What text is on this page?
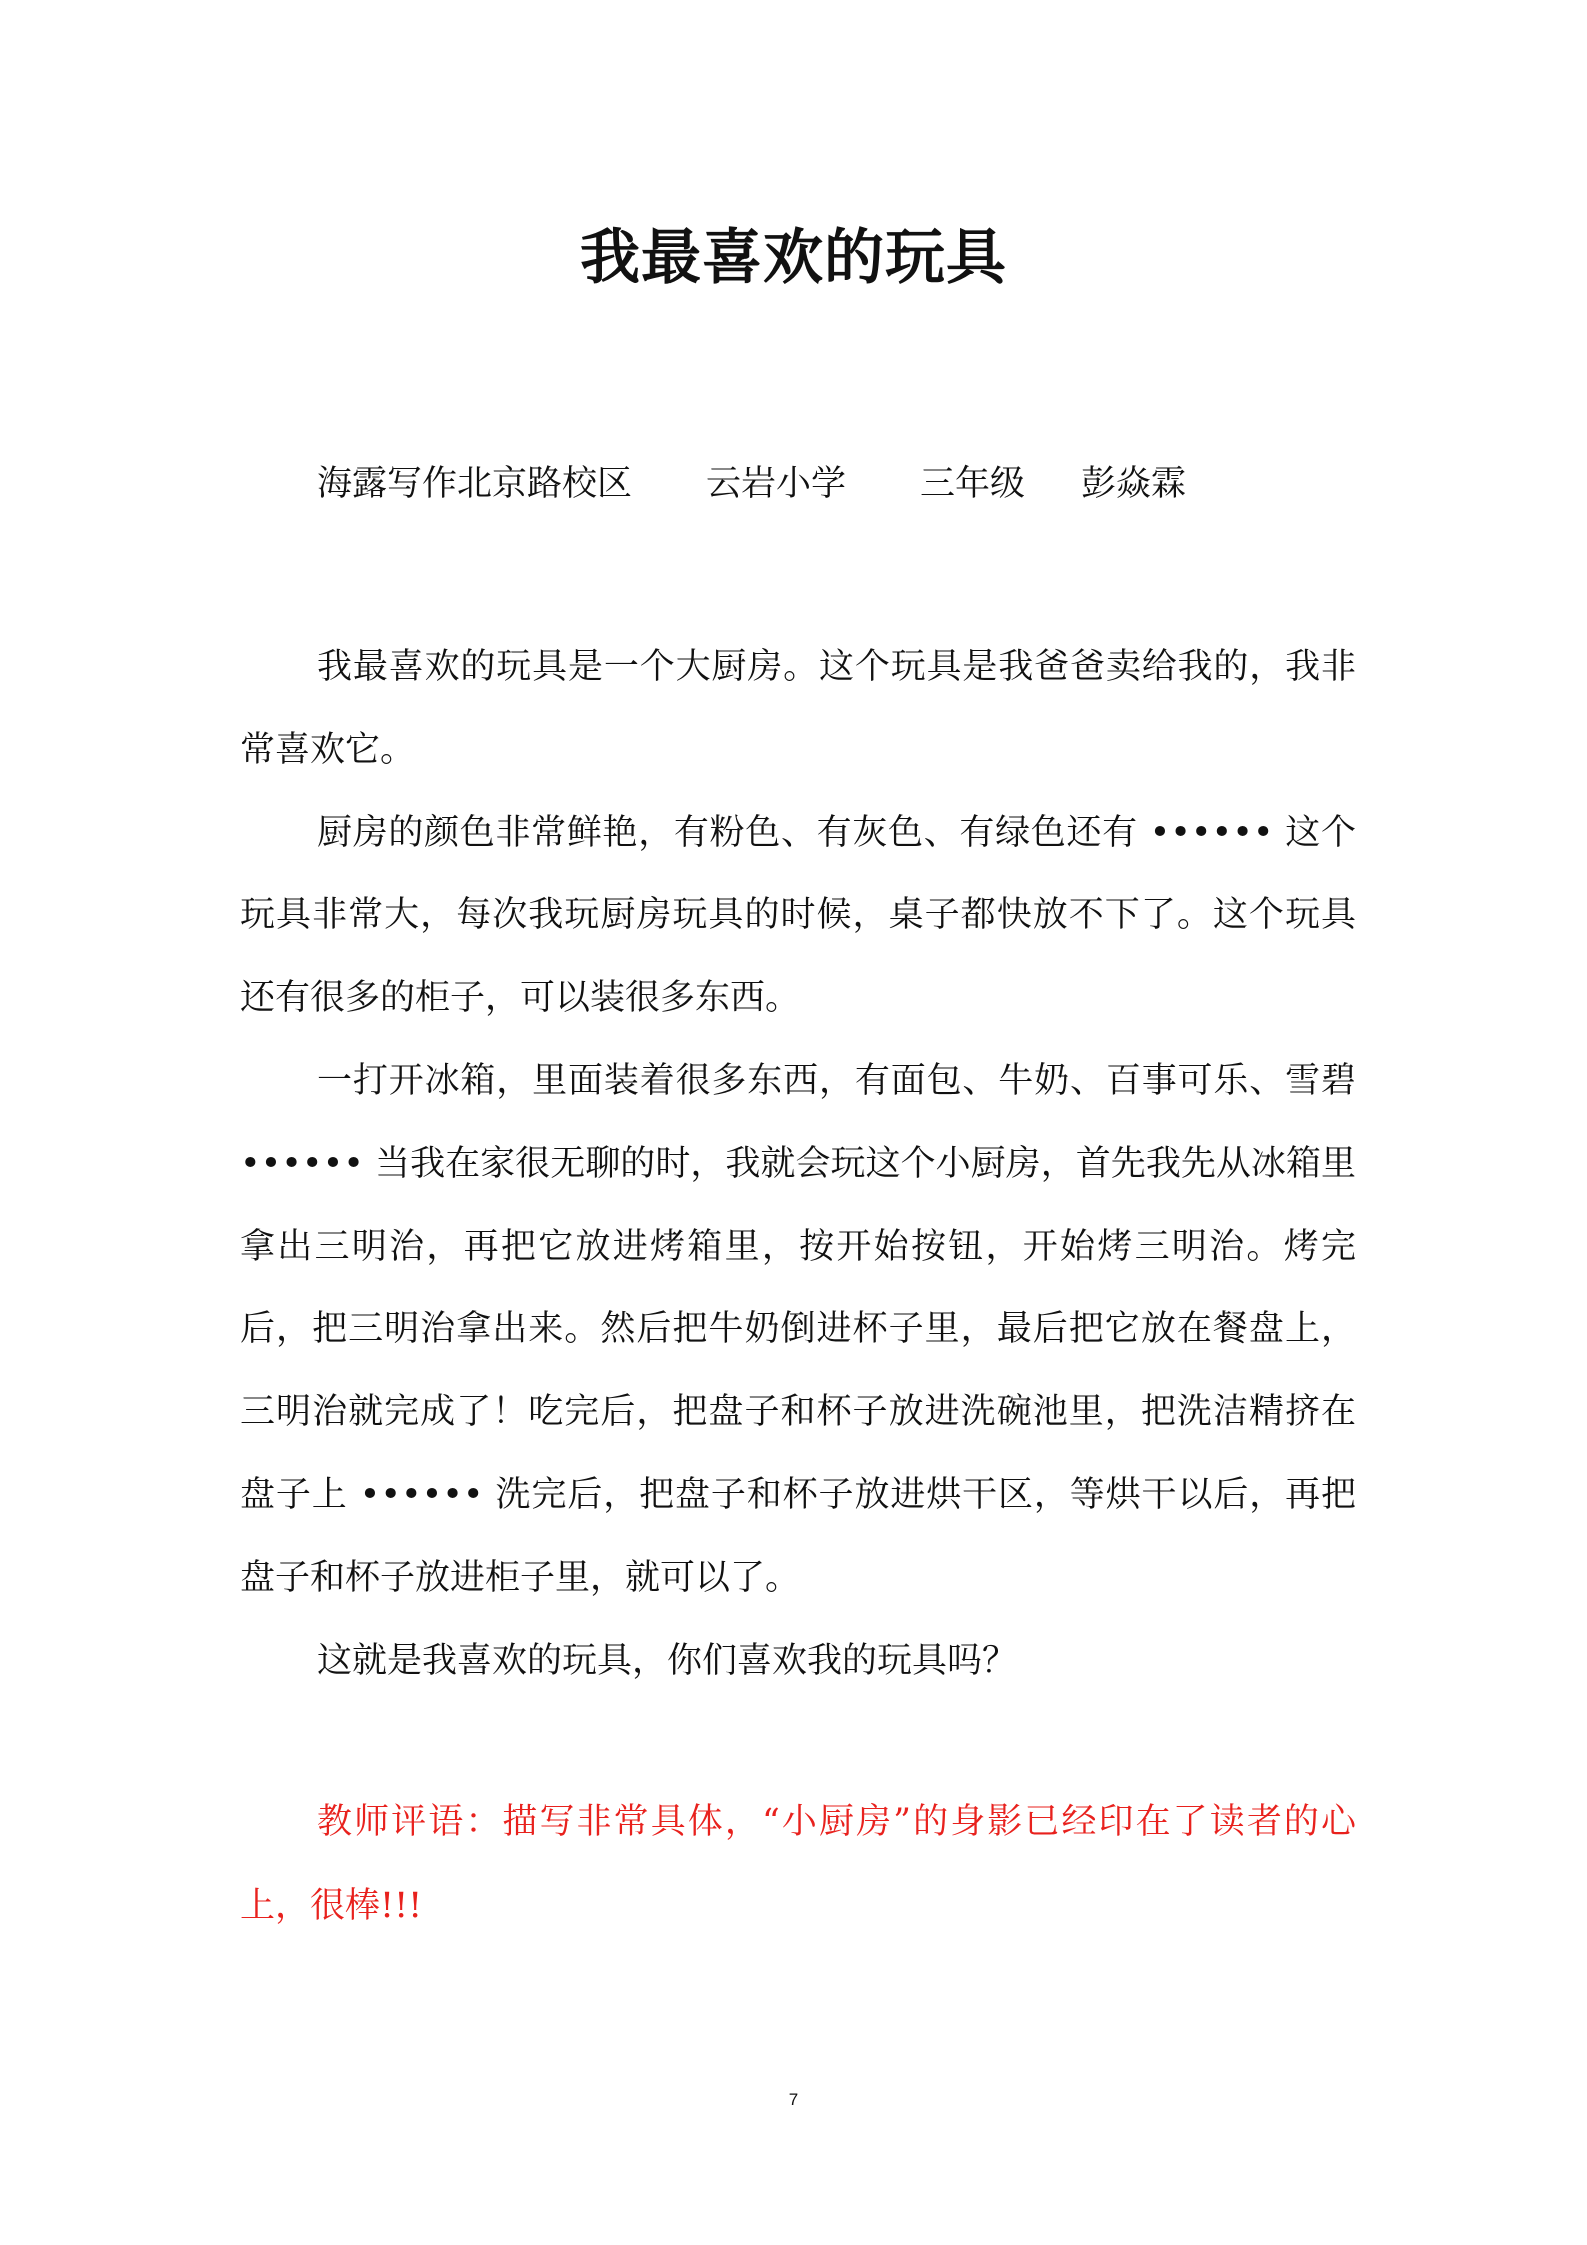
我最喜欢的玩具
海露写作北京路校区 云岩小学 三年级 彭焱霖

我最喜欢的玩具是一个大厨房。这个玩具是我爸爸卖给我的，我非常喜欢它。

厨房的颜色非常鲜艳，有粉色、有灰色、有绿色还有 •••••• 这个玩具非常大，每次我玩厨房玩具的时候，桌子都快放不下了。这个玩具还有很多的柜子，可以装很多东西。

一打开冰箱，里面装着很多东西，有面包、牛奶、百事可乐、雪碧 •••••• 当我在家很无聊的时，我就会玩这个小厨房，首先我先从冰箱里拿出三明治，再把它放进烤箱里，按开始按钮，开始烤三明治。烤完后，把三明治拿出来。然后把牛奶倒进杯子里，最后把它放在餐盘上，三明治就完成了！吃完后，把盘子和杯子放进洗碗池里，把洗洁精挤在盘子上 •••••• 洗完后，把盘子和杯子放进烘干区，等烘干以后，再把盘子和杯子放进柜子里，就可以了。

这就是我喜欢的玩具，你们喜欢我的玩具吗？

教师评语：描写非常具体，“小厨房”的身影已经印在了读者的心上，很棒!!!

7
